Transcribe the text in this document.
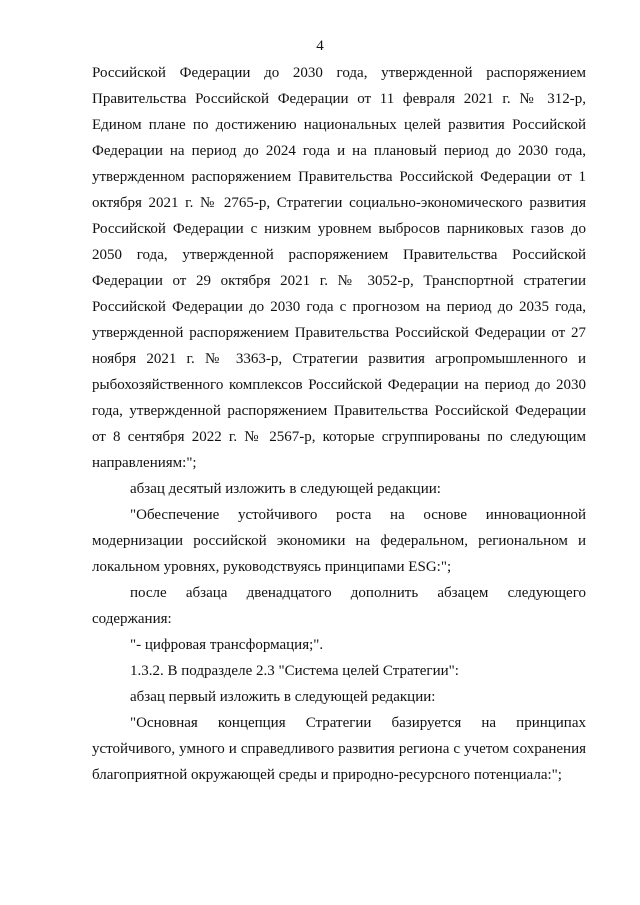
4

Российской Федерации до 2030 года, утвержденной распоряжением Правительства Российской Федерации от 11 февраля 2021 г. № 312-р, Едином плане по достижению национальных целей развития Российской Федерации на период до 2024 года и на плановый период до 2030 года, утвержденном распоряжением Правительства Российской Федерации от 1 октября 2021 г. № 2765-р, Стратегии социально-экономического развития Российской Федерации с низким уровнем выбросов парниковых газов до 2050 года, утвержденной распоряжением Правительства Российской Федерации от 29 октября 2021 г. № 3052-р, Транспортной стратегии Российской Федерации до 2030 года с прогнозом на период до 2035 года, утвержденной распоряжением Правительства Российской Федерации от 27 ноября 2021 г. № 3363-р, Стратегии развития агропромышленного и рыбохозяйственного комплексов Российской Федерации на период до 2030 года, утвержденной распоряжением Правительства Российской Федерации от 8 сентября 2022 г. № 2567-р, которые сгруппированы по следующим направлениям:";

абзац десятый изложить в следующей редакции:

"Обеспечение устойчивого роста на основе инновационной модернизации российской экономики на федеральном, региональном и локальном уровнях, руководствуясь принципами ESG:";

после абзаца двенадцатого дополнить абзацем следующего содержания:

"- цифровая трансформация;".

1.3.2. В подразделе 2.3 "Система целей Стратегии":

абзац первый изложить в следующей редакции:

"Основная концепция Стратегии базируется на принципах устойчивого, умного и справедливого развития региона с учетом сохранения благоприятной окружающей среды и природно-ресурсного потенциала:";
